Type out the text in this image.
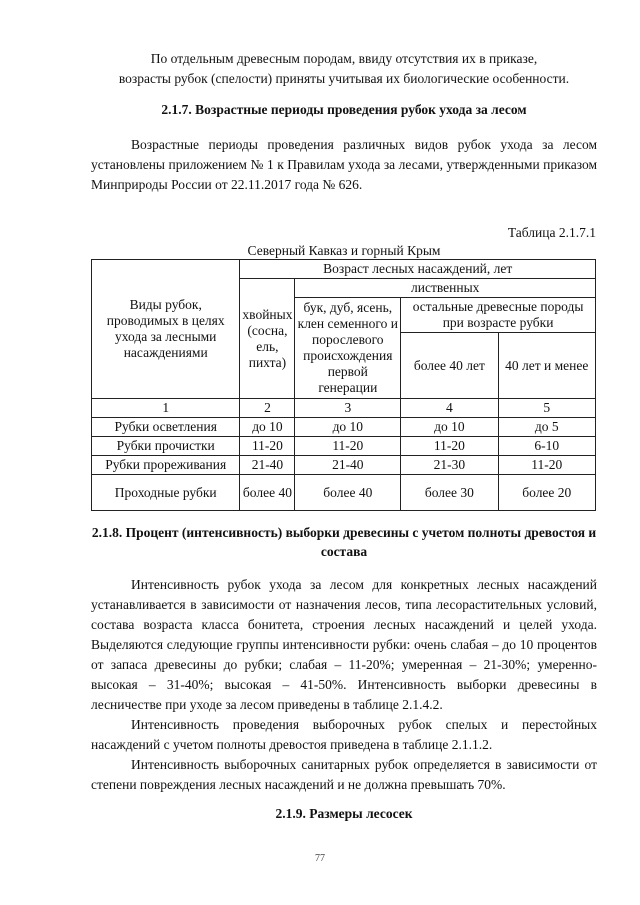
По отдельным древесным породам, ввиду отсутствия их в приказе,
возрасты рубок (спелости) приняты учитывая их биологические особенности.

2.1.7. Возрастные периоды проведения рубок ухода за лесом

Возрастные периоды проведения различных видов рубок ухода за лесом установлены приложением № 1 к Правилам ухода за лесами, утвержденными приказом Минприроды России от 22.11.2017 года № 626.

Таблица 2.1.7.1
Северный Кавказ и горный Крым
Виды рубок, проводимых в целях ухода за лесными насаждениями	Возраст лесных насаждений, лет			
	хвойных (сосна, ель, пихта)	лиственных		
		бук, дуб, ясень, клен семенного и порослевого происхождения первой генерации	остальные древесные породы при возрасте рубки	
			более 40 лет	40 лет и менее
1	2	3	4	5
Рубки осветления	до 10	до 10	до 10	до 5
Рубки прочистки	11-20	11-20	11-20	6-10
Рубки прореживания	21-40	21-40	21-30	11-20
Проходные рубки	более 40	более 40	более 30	более 20

2.1.8. Процент (интенсивность) выборки древесины с учетом полноты древостоя и состава

Интенсивность рубок ухода за лесом для конкретных лесных насаждений устанавливается в зависимости от назначения лесов, типа лесорастительных условий, состава возраста класса бонитета, строения лесных насаждений и целей ухода. Выделяются следующие группы интенсивности рубки: очень слабая – до 10 процентов от запаса древесины до рубки; слабая – 11-20%; умеренная – 21-30%; умеренно-высокая – 31-40%; высокая – 41-50%. Интенсивность выборки древесины в лесничестве при уходе за лесом приведены в таблице 2.1.4.2.

Интенсивность проведения выборочных рубок спелых и перестойных насаждений с учетом полноты древостоя приведена в таблице 2.1.1.2.

Интенсивность выборочных санитарных рубок определяется в зависимости от степени повреждения лесных насаждений и не должна превышать 70%.

2.1.9. Размеры лесосек

77
